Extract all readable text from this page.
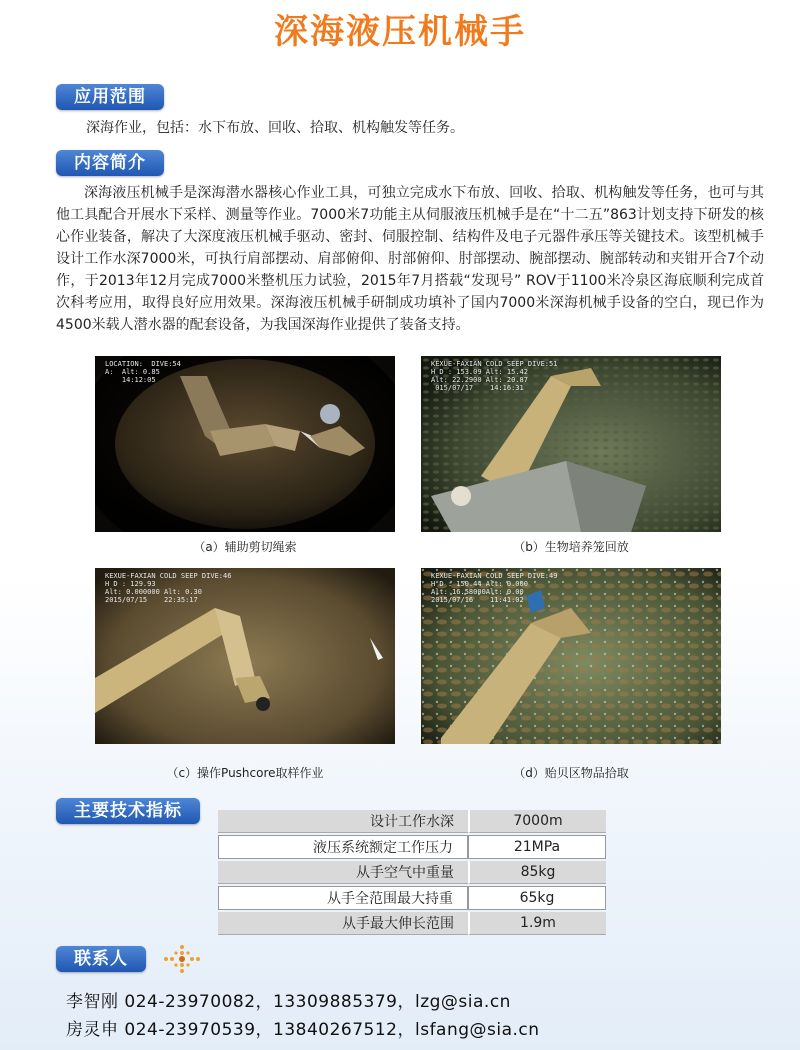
深海液压机械手
应用范围
深海作业，包括：水下布放、回收、拾取、机构触发等任务。
内容简介
深海液压机械手是深海潜水器核心作业工具，可独立完成水下布放、回收、拾取、机构触发等任务，也可与其他工具配合开展水下采样、测量等作业。7000米7功能主从伺服液压机械手是在“十二五”863计划支持下研发的核心作业装备，解决了大深度液压机械手驱动、密封、伺服控制、结构件及电子元器件承压等关键技术。该型机械手设计工作水深7000米，可执行肩部摆动、肩部俯仰、肘部俯仰、肘部摆动、腕部摆动、腕部转动和夹钳开合7个动作，于2013年12月完成7000米整机压力试验，2015年7月搭载“发现号” ROV于1100米冷泉区海底顺利完成首次科考应用，取得良好应用效果。深海液压机械手研制成功填补了国内7000米深海机械手设备的空白，现已作为4500米载人潜水器的配套设备，为我国深海作业提供了装备支持。
LOCATION:  DIVE:54
A:  Alt: 0.85
14:12:05
（a）辅助剪切绳索
KEXUE-FAXIAN COLD SEEP DIVE:51
H D : 153.09 Alt: 15.42
Alt: 22.2900 Alt: 20.87
015/07/17    14:16:31
（b）生物培养笼回放
KEXUE-FAXIAN COLD SEEP DIVE:46
H D : 129.93
Alt: 0.000000 Alt: 0.30
2015/07/15    22:35:17
（c）操作Pushcore取样作业
KEXUE-FAXIAN COLD SEEP DIVE:49
H D : 150.44 Alt: 0.000
Alt: 16.58000Alt: 0.00
2015/07/16    11:41:02
（d）贻贝区物品拾取
主要技术指标
设计工作水深	7000m
液压系统额定工作压力	21MPa
从手空气中重量	85kg
从手全范围最大持重	65kg
从手最大伸长范围	1.9m
联系人
李智刚 024-23970082，13309885379，lzg@sia.cn
房灵申 024-23970539，13840267512，lsfang@sia.cn
